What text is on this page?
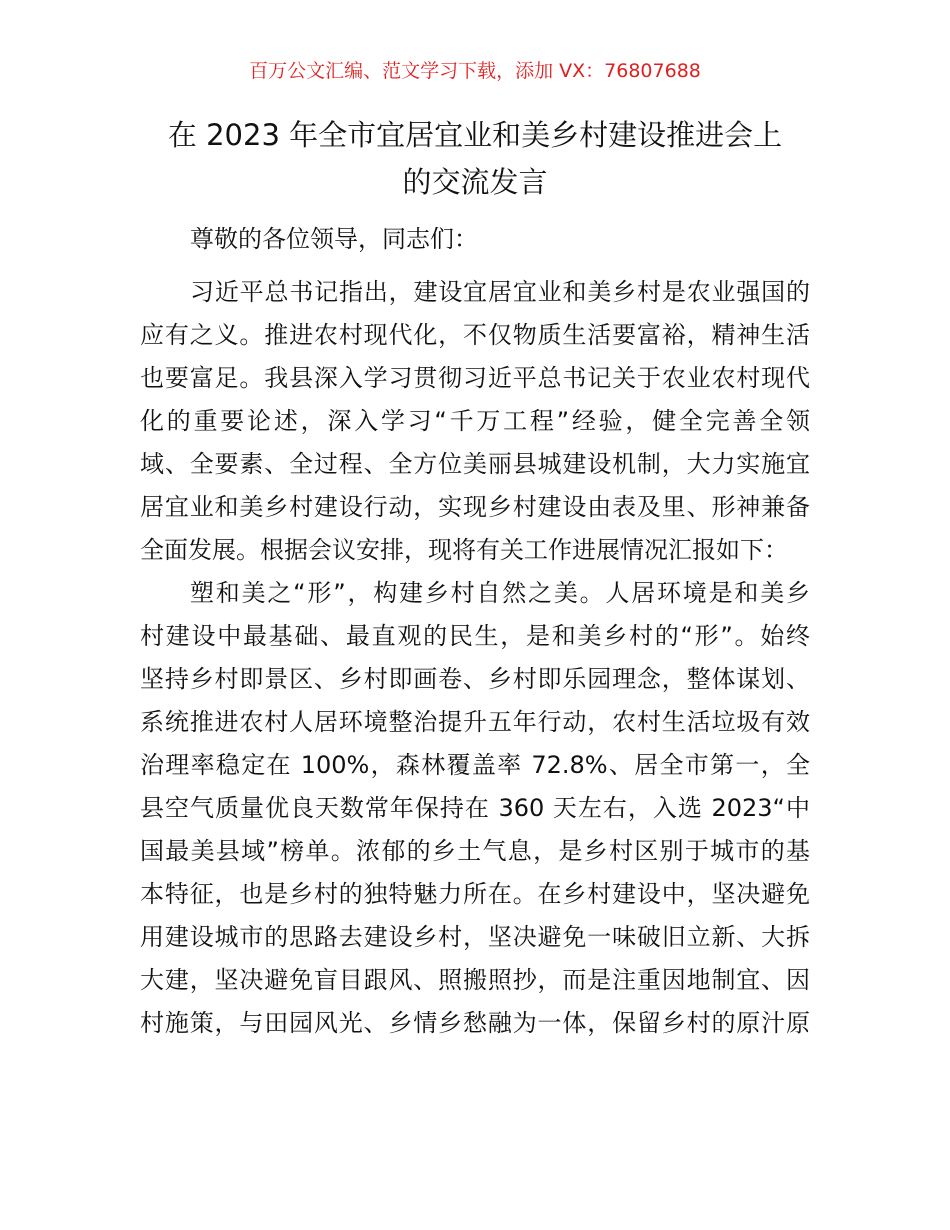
百万公文汇编、范文学习下载，添加 VX：76807688
在 2023 年全市宜居宜业和美乡村建设推进会上
的交流发言
尊敬的各位领导，同志们：
习近平总书记指出，建设宜居宜业和美乡村是农业强国的
应有之义。推进农村现代化，不仅物质生活要富裕，精神生活
也要富足。我县深入学习贯彻习近平总书记关于农业农村现代
化的重要论述，深入学习“千万工程”经验，健全完善全领
域、全要素、全过程、全方位美丽县城建设机制，大力实施宜
居宜业和美乡村建设行动，实现乡村建设由表及里、形神兼备
全面发展。根据会议安排，现将有关工作进展情况汇报如下：
塑和美之“形”，构建乡村自然之美。人居环境是和美乡
村建设中最基础、最直观的民生，是和美乡村的“形”。始终
坚持乡村即景区、乡村即画卷、乡村即乐园理念，整体谋划、
系统推进农村人居环境整治提升五年行动，农村生活垃圾有效
治理率稳定在 100%，森林覆盖率 72.8%、居全市第一，全
县空气质量优良天数常年保持在 360 天左右，入选 2023“中
国最美县域”榜单。浓郁的乡土气息，是乡村区别于城市的基
本特征，也是乡村的独特魅力所在。在乡村建设中，坚决避免
用建设城市的思路去建设乡村，坚决避免一味破旧立新、大拆
大建，坚决避免盲目跟风、照搬照抄，而是注重因地制宜、因
村施策，与田园风光、乡情乡愁融为一体，保留乡村的原汁原
